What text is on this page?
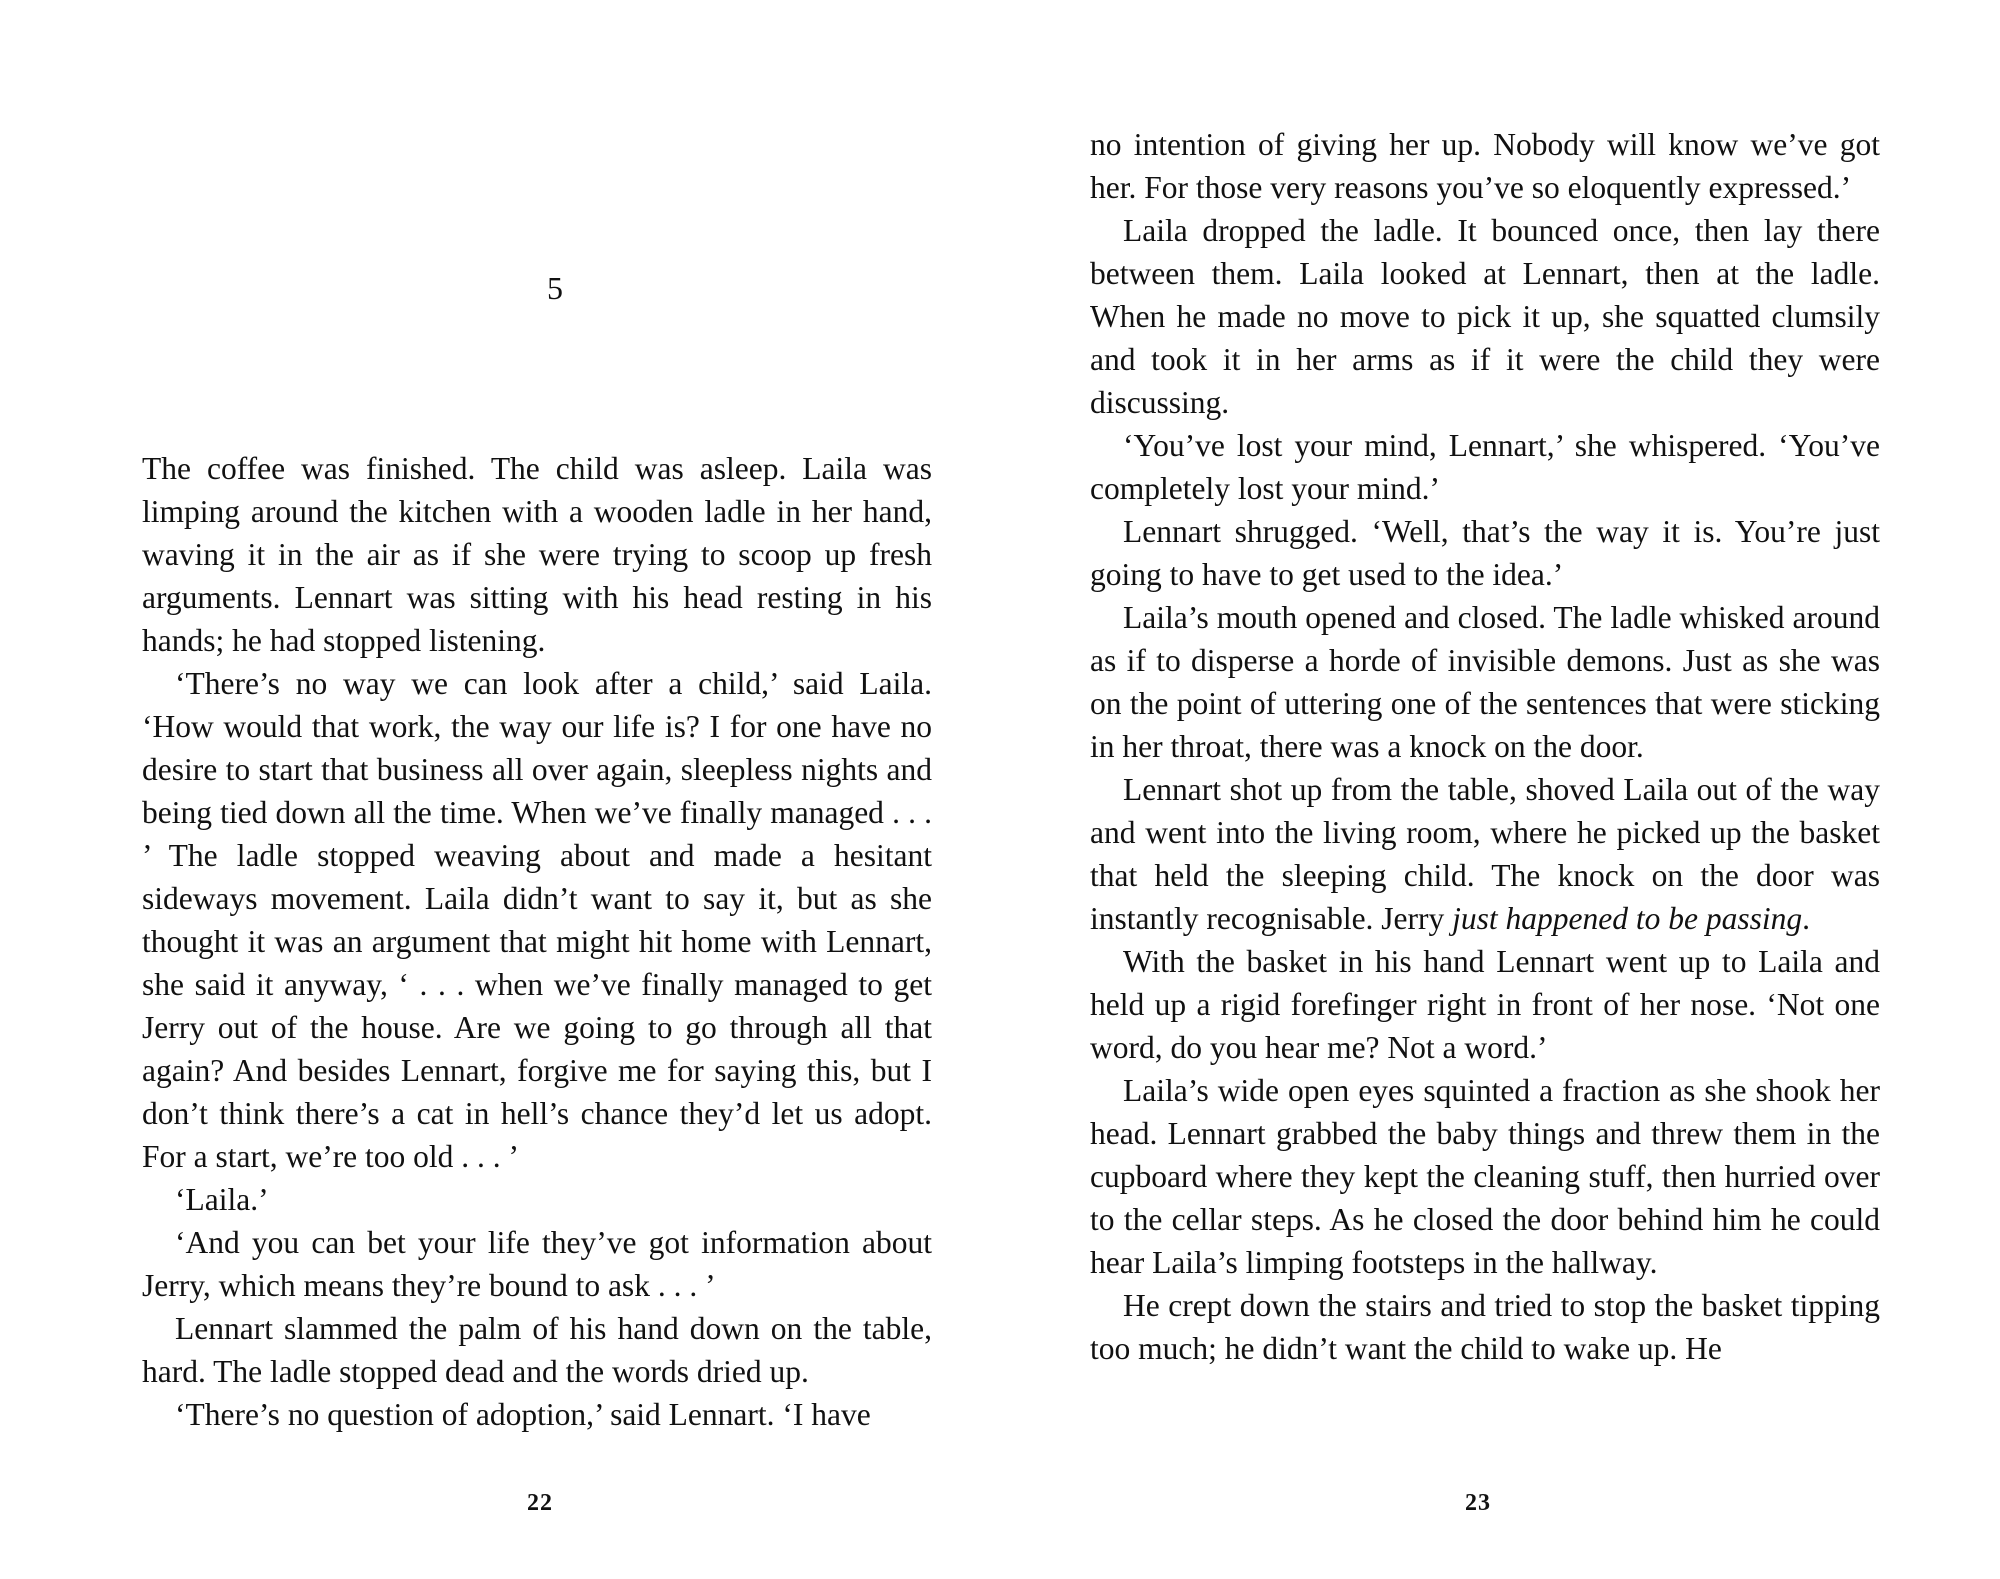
5

The coffee was finished. The child was asleep. Laila was limping around the kitchen with a wooden ladle in her hand, waving it in the air as if she were trying to scoop up fresh arguments. Lennart was sitting with his head resting in his hands; he had stopped listening.

‘There’s no way we can look after a child,’ said Laila. ‘How would that work, the way our life is? I for one have no desire to start that business all over again, sleepless nights and being tied down all the time. When we’ve finally managed . . . ’ The ladle stopped weaving about and made a hesitant sideways movement. Laila didn’t want to say it, but as she thought it was an argument that might hit home with Lennart, she said it anyway, ‘ . . . when we’ve finally managed to get Jerry out of the house. Are we going to go through all that again? And besides Lennart, forgive me for saying this, but I don’t think there’s a cat in hell’s chance they’d let us adopt. For a start, we’re too old . . . ’

‘Laila.’

‘And you can bet your life they’ve got information about Jerry, which means they’re bound to ask . . . ’

Lennart slammed the palm of his hand down on the table, hard. The ladle stopped dead and the words dried up.

‘There’s no question of adoption,’ said Lennart. ‘I have

22

no intention of giving her up. Nobody will know we’ve got her. For those very reasons you’ve so eloquently expressed.’

Laila dropped the ladle. It bounced once, then lay there between them. Laila looked at Lennart, then at the ladle. When he made no move to pick it up, she squatted clumsily and took it in her arms as if it were the child they were discussing.

‘You’ve lost your mind, Lennart,’ she whispered. ‘You’ve completely lost your mind.’

Lennart shrugged. ‘Well, that’s the way it is. You’re just going to have to get used to the idea.’

Laila’s mouth opened and closed. The ladle whisked around as if to disperse a horde of invisible demons. Just as she was on the point of uttering one of the sentences that were sticking in her throat, there was a knock on the door.

Lennart shot up from the table, shoved Laila out of the way and went into the living room, where he picked up the basket that held the sleeping child. The knock on the door was instantly recognisable. Jerry just happened to be passing.

With the basket in his hand Lennart went up to Laila and held up a rigid forefinger right in front of her nose. ‘Not one word, do you hear me? Not a word.’

Laila’s wide open eyes squinted a fraction as she shook her head. Lennart grabbed the baby things and threw them in the cupboard where they kept the cleaning stuff, then hurried over to the cellar steps. As he closed the door behind him he could hear Laila’s limping footsteps in the hallway.

He crept down the stairs and tried to stop the basket tipping too much; he didn’t want the child to wake up. He

23
